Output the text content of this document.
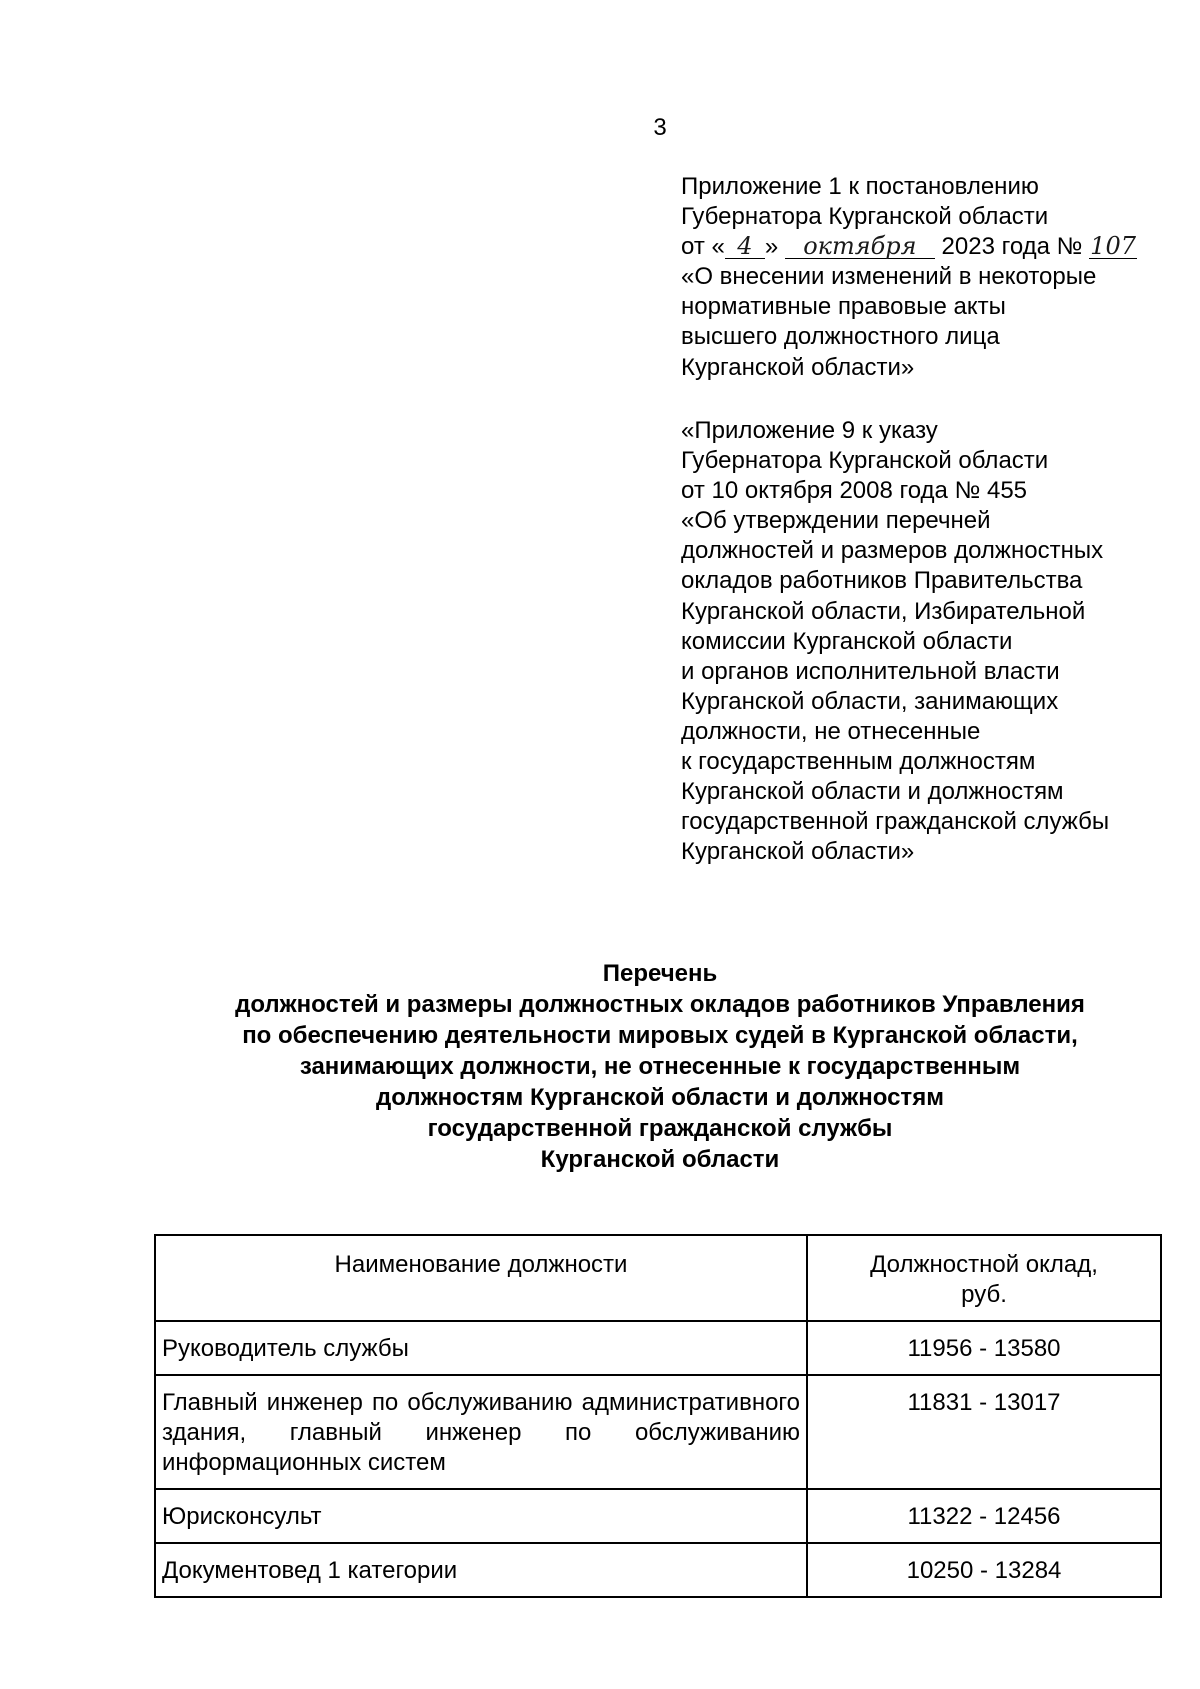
3
Приложение 1 к постановлению
Губернатора Курганской области
от « 4 » октября 2023 года № 107
«О внесении изменений в некоторые
нормативные правовые акты
высшего должностного лица
Курганской области»
«Приложение 9 к указу
Губернатора Курганской области
от 10 октября 2008 года № 455
«Об утверждении перечней
должностей и размеров должностных
окладов работников Правительства
Курганской области, Избирательной
комиссии Курганской области
и органов исполнительной власти
Курганской области, занимающих
должности, не отнесенные
к государственным должностям
Курганской области и должностям
государственной гражданской службы
Курганской области»
Перечень
должностей и размеры должностных окладов работников Управления
по обеспечению деятельности мировых судей в Курганской области,
занимающих должности, не отнесенные к государственным
должностям Курганской области и должностям
государственной гражданской службы
Курганской области
Наименование должности	Должностной оклад,
руб.
Руководитель службы	11956 - 13580
Главный инженер по обслуживанию административного здания, главный инженер по обслуживанию информационных систем	11831 - 13017
Юрисконсульт	11322 - 12456
Документовед 1 категории	10250 - 13284
